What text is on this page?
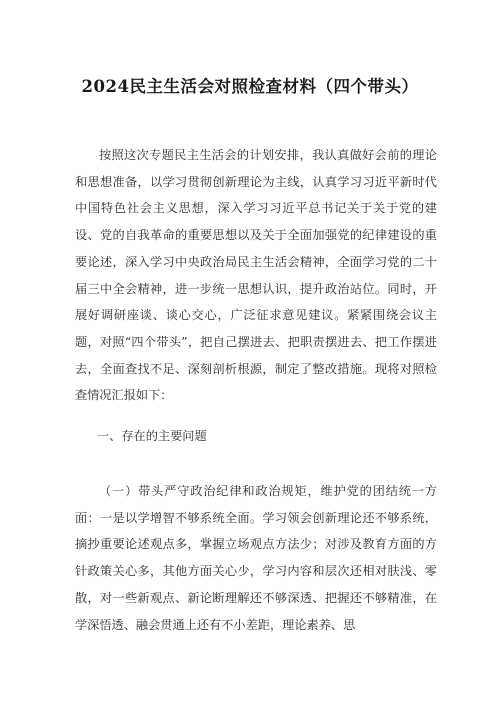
2024民主生活会对照检查材料（四个带头）

按照这次专题民主生活会的计划安排，我认真做好会前的理论和思想准备，以学习贯彻创新理论为主线，认真学习习近平新时代中国特色社会主义思想，深入学习习近平总书记关于关于党的建设、党的自我革命的重要思想以及关于全面加强党的纪律建设的重要论述，深入学习中央政治局民主生活会精神，全面学习党的二十届三中全会精神，进一步统一思想认识，提升政治站位。同时，开展好调研座谈、谈心交心，广泛征求意见建议。紧紧围绕会议主题，对照“四个带头”，把自己摆进去、把职责摆进去、把工作摆进去，全面查找不足、深刻剖析根源，制定了整改措施。现将对照检查情况汇报如下：

一、存在的主要问题

（一）带头严守政治纪律和政治规矩，维护党的团结统一方面：一是以学增智不够系统全面。学习领会创新理论还不够系统，摘抄重要论述观点多，掌握立场观点方法少；对涉及教育方面的方针政策关心多，其他方面关心少，学习内容和层次还相对肤浅、零散，对一些新观点、新论断理解还不够深透、把握还不够精准，在学深悟透、融会贯通上还有不小差距，理论素养、思
